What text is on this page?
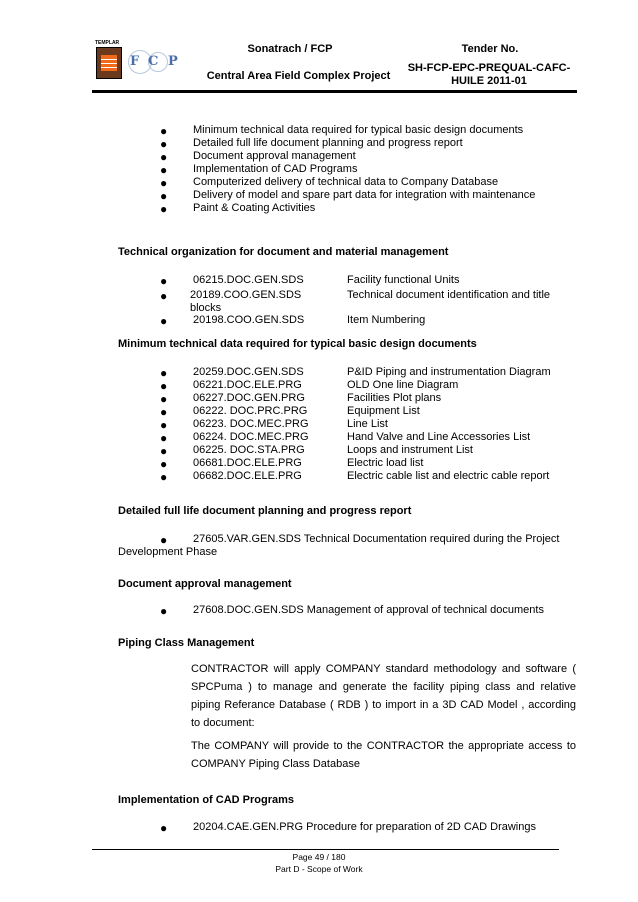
TEMPLAR
F C P
Sonatrach / FCP
Central Area Field Complex Project
Tender No.
SH-FCP-EPC-PREQUAL-CAFC-
HUILE 2011-01
● Minimum technical data required for typical basic design documents
● Detailed full life document planning and progress report
● Document approval management
● Implementation of CAD Programs
● Computerized delivery of technical data to Company Database
● Delivery of model and spare part data for integration with maintenance
● Paint & Coating Activities
Technical organization for document and material management
● 06215.DOC.GEN.SDS	Facility functional Units
● 20189.COO.GEN.SDS	Technical document identification and title
blocks
● 20198.COO.GEN.SDS	Item Numbering
Minimum technical data required for typical basic design documents
● 20259.DOC.GEN.SDS	P&ID Piping and instrumentation Diagram
● 06221.DOC.ELE.PRG	OLD One line Diagram
● 06227.DOC.GEN.PRG	Facilities Plot plans
● 06222. DOC.PRC.PRG	Equipment List
● 06223. DOC.MEC.PRG	Line List
● 06224. DOC.MEC.PRG	Hand Valve and Line Accessories List
● 06225. DOC.STA.PRG	Loops and instrument List
● 06681.DOC.ELE.PRG	Electric load list
● 06682.DOC.ELE.PRG	Electric cable list and electric cable report
Detailed full life document planning and progress report
● 27605.VAR.GEN.SDS Technical Documentation required during the Project
Development Phase
Document approval management
● 27608.DOC.GEN.SDS Management of approval of technical documents
Piping Class Management
CONTRACTOR will apply COMPANY standard methodology and software ( SPCPuma ) to manage and generate the facility piping class and relative piping Referance Database ( RDB ) to import in a 3D CAD Model , according to document:
The COMPANY will provide to the CONTRACTOR the appropriate access to COMPANY Piping Class Database
Implementation of CAD Programs
● 20204.CAE.GEN.PRG Procedure for preparation of 2D CAD Drawings
Page 49 / 180
Part D - Scope of Work
